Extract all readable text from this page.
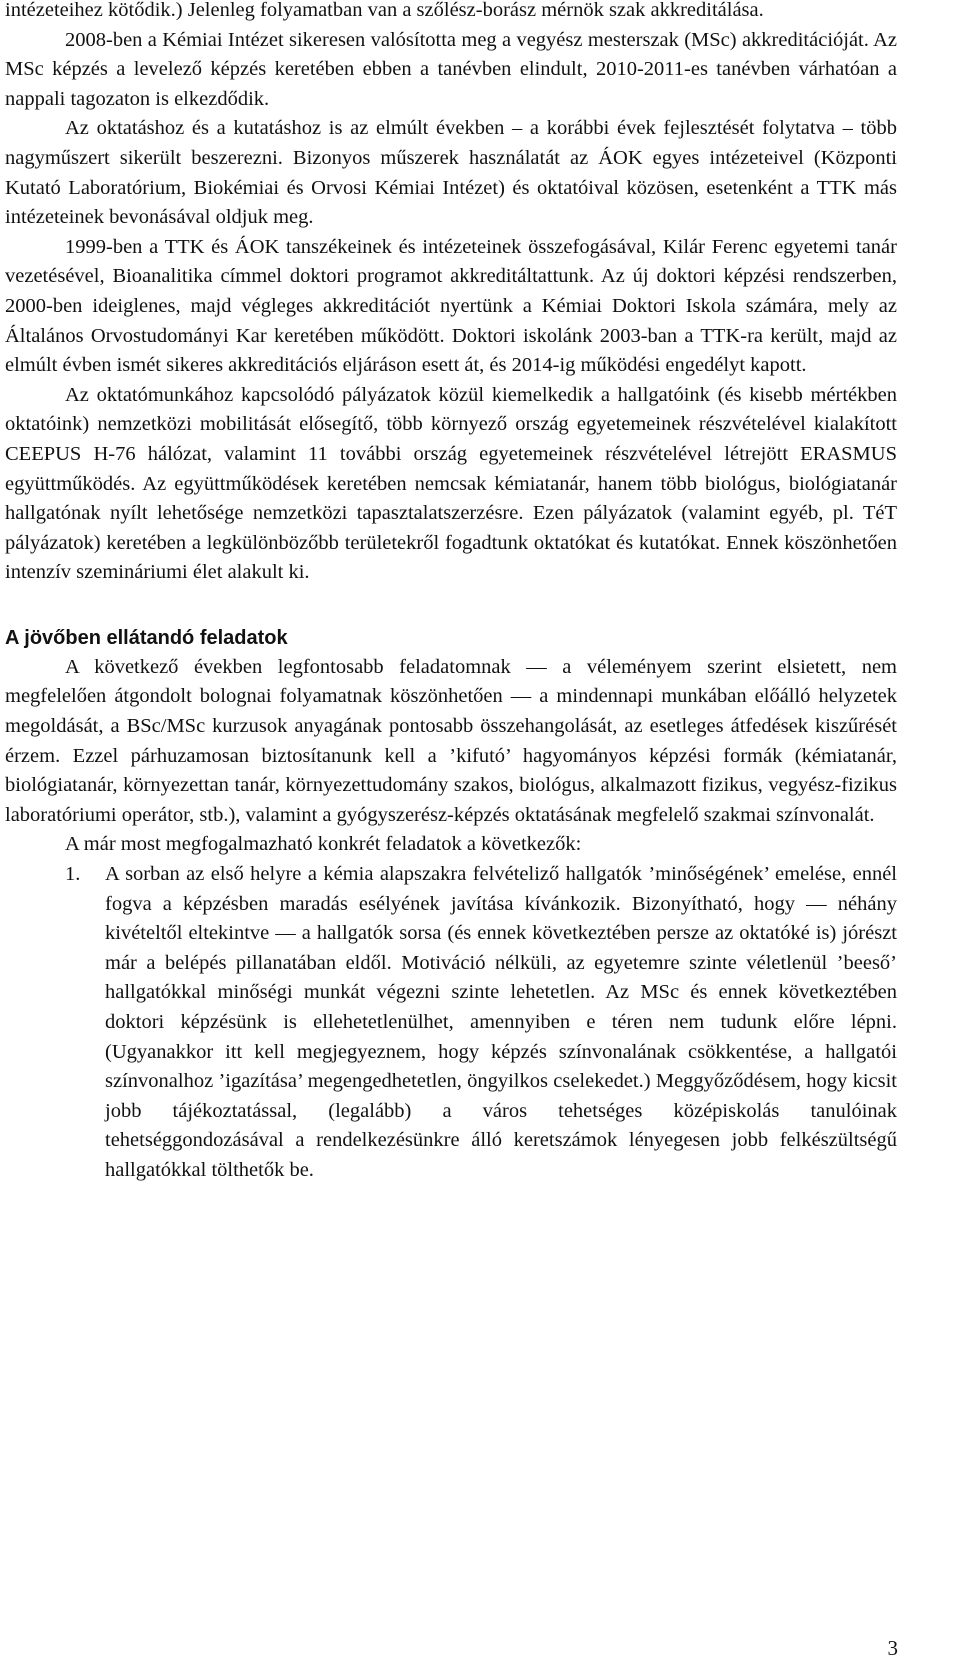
intézeteihez kötődik.) Jelenleg folyamatban van a szőlész-borász mérnök szak akkreditálása.

2008-ben a Kémiai Intézet sikeresen valósította meg a vegyész mesterszak (MSc) akkreditációját. Az MSc képzés a levelező képzés keretében ebben a tanévben elindult, 2010-2011-es tanévben várhatóan a nappali tagozaton is elkezdődik.

Az oktatáshoz és a kutatáshoz is az elmúlt években – a korábbi évek fejlesztését folytatva – több nagyműszert sikerült beszerezni. Bizonyos műszerek használatát az ÁOK egyes intézeteivel (Központi Kutató Laboratórium, Biokémiai és Orvosi Kémiai Intézet) és oktatóival közösen, esetenként a TTK más intézeteinek bevonásával oldjuk meg.

1999-ben a TTK és ÁOK tanszékeinek és intézeteinek összefogásával, Kilár Ferenc egyetemi tanár vezetésével, Bioanalitika címmel doktori programot akkreditáltattunk. Az új doktori képzési rendszerben, 2000-ben ideiglenes, majd végleges akkreditációt nyertünk a Kémiai Doktori Iskola számára, mely az Általános Orvostudományi Kar keretében működött. Doktori iskolánk 2003-ban a TTK-ra került, majd az elmúlt évben ismét sikeres akkreditációs eljáráson esett át, és 2014-ig működési engedélyt kapott.

Az oktatómunkához kapcsolódó pályázatok közül kiemelkedik a hallgatóink (és kisebb mértékben oktatóink) nemzetközi mobilitását elősegítő, több környező ország egyetemeinek részvételével kialakított CEEPUS H-76 hálózat, valamint 11 további ország egyetemeinek részvételével létrejött ERASMUS együttműködés. Az együttműködések keretében nemcsak kémiatanár, hanem több biológus, biológiatanár hallgatónak nyílt lehetősége nemzetközi tapasztalatszerzésre. Ezen pályázatok (valamint egyéb, pl. TéT pályázatok) keretében a legkülönbözőbb területekről fogadtunk oktatókat és kutatókat. Ennek köszönhetően intenzív szemináriumi élet alakult ki.

A jövőben ellátandó feladatok

A következő években legfontosabb feladatomnak — a véleményem szerint elsietett, nem megfelelően átgondolt bolognai folyamatnak köszönhetően — a mindennapi munkában előálló helyzetek megoldását, a BSc/MSc kurzusok anyagának pontosabb összehangolását, az esetleges átfedések kiszűrését érzem. Ezzel párhuzamosan biztosítanunk kell a ’kifutó’ hagyományos képzési formák (kémiatanár, biológiatanár, környezettan tanár, környezettudomány szakos, biológus, alkalmazott fizikus, vegyész-fizikus laboratóriumi operátor, stb.), valamint a gyógyszerész-képzés oktatásának megfelelő szakmai színvonalát.

A már most megfogalmazható konkrét feladatok a következők:

1. A sorban az első helyre a kémia alapszakra felvételiző hallgatók ’minőségének’ emelése, ennél fogva a képzésben maradás esélyének javítása kívánkozik. Bizonyítható, hogy — néhány kivételtől eltekintve — a hallgatók sorsa (és ennek következtében persze az oktatóké is) jórészt már a belépés pillanatában eldől. Motiváció nélküli, az egyetemre szinte véletlenül ’beeső’ hallgatókkal minőségi munkát végezni szinte lehetetlen. Az MSc és ennek következtében doktori képzésünk is ellehetetlenülhet, amennyiben e téren nem tudunk előre lépni. (Ugyanakkor itt kell megjegyeznem, hogy képzés színvonalának csökkentése, a hallgatói színvonalhoz ’igazítása’ megengedhetetlen, öngyilkos cselekedet.) Meggyőződésem, hogy kicsit jobb tájékoztatással, (legalább) a város tehetséges középiskolás tanulóinak tehetséggondozásával a rendelkezésünkre álló keretszámok lényegesen jobb felkészültségű hallgatókkal tölthetők be.

3
